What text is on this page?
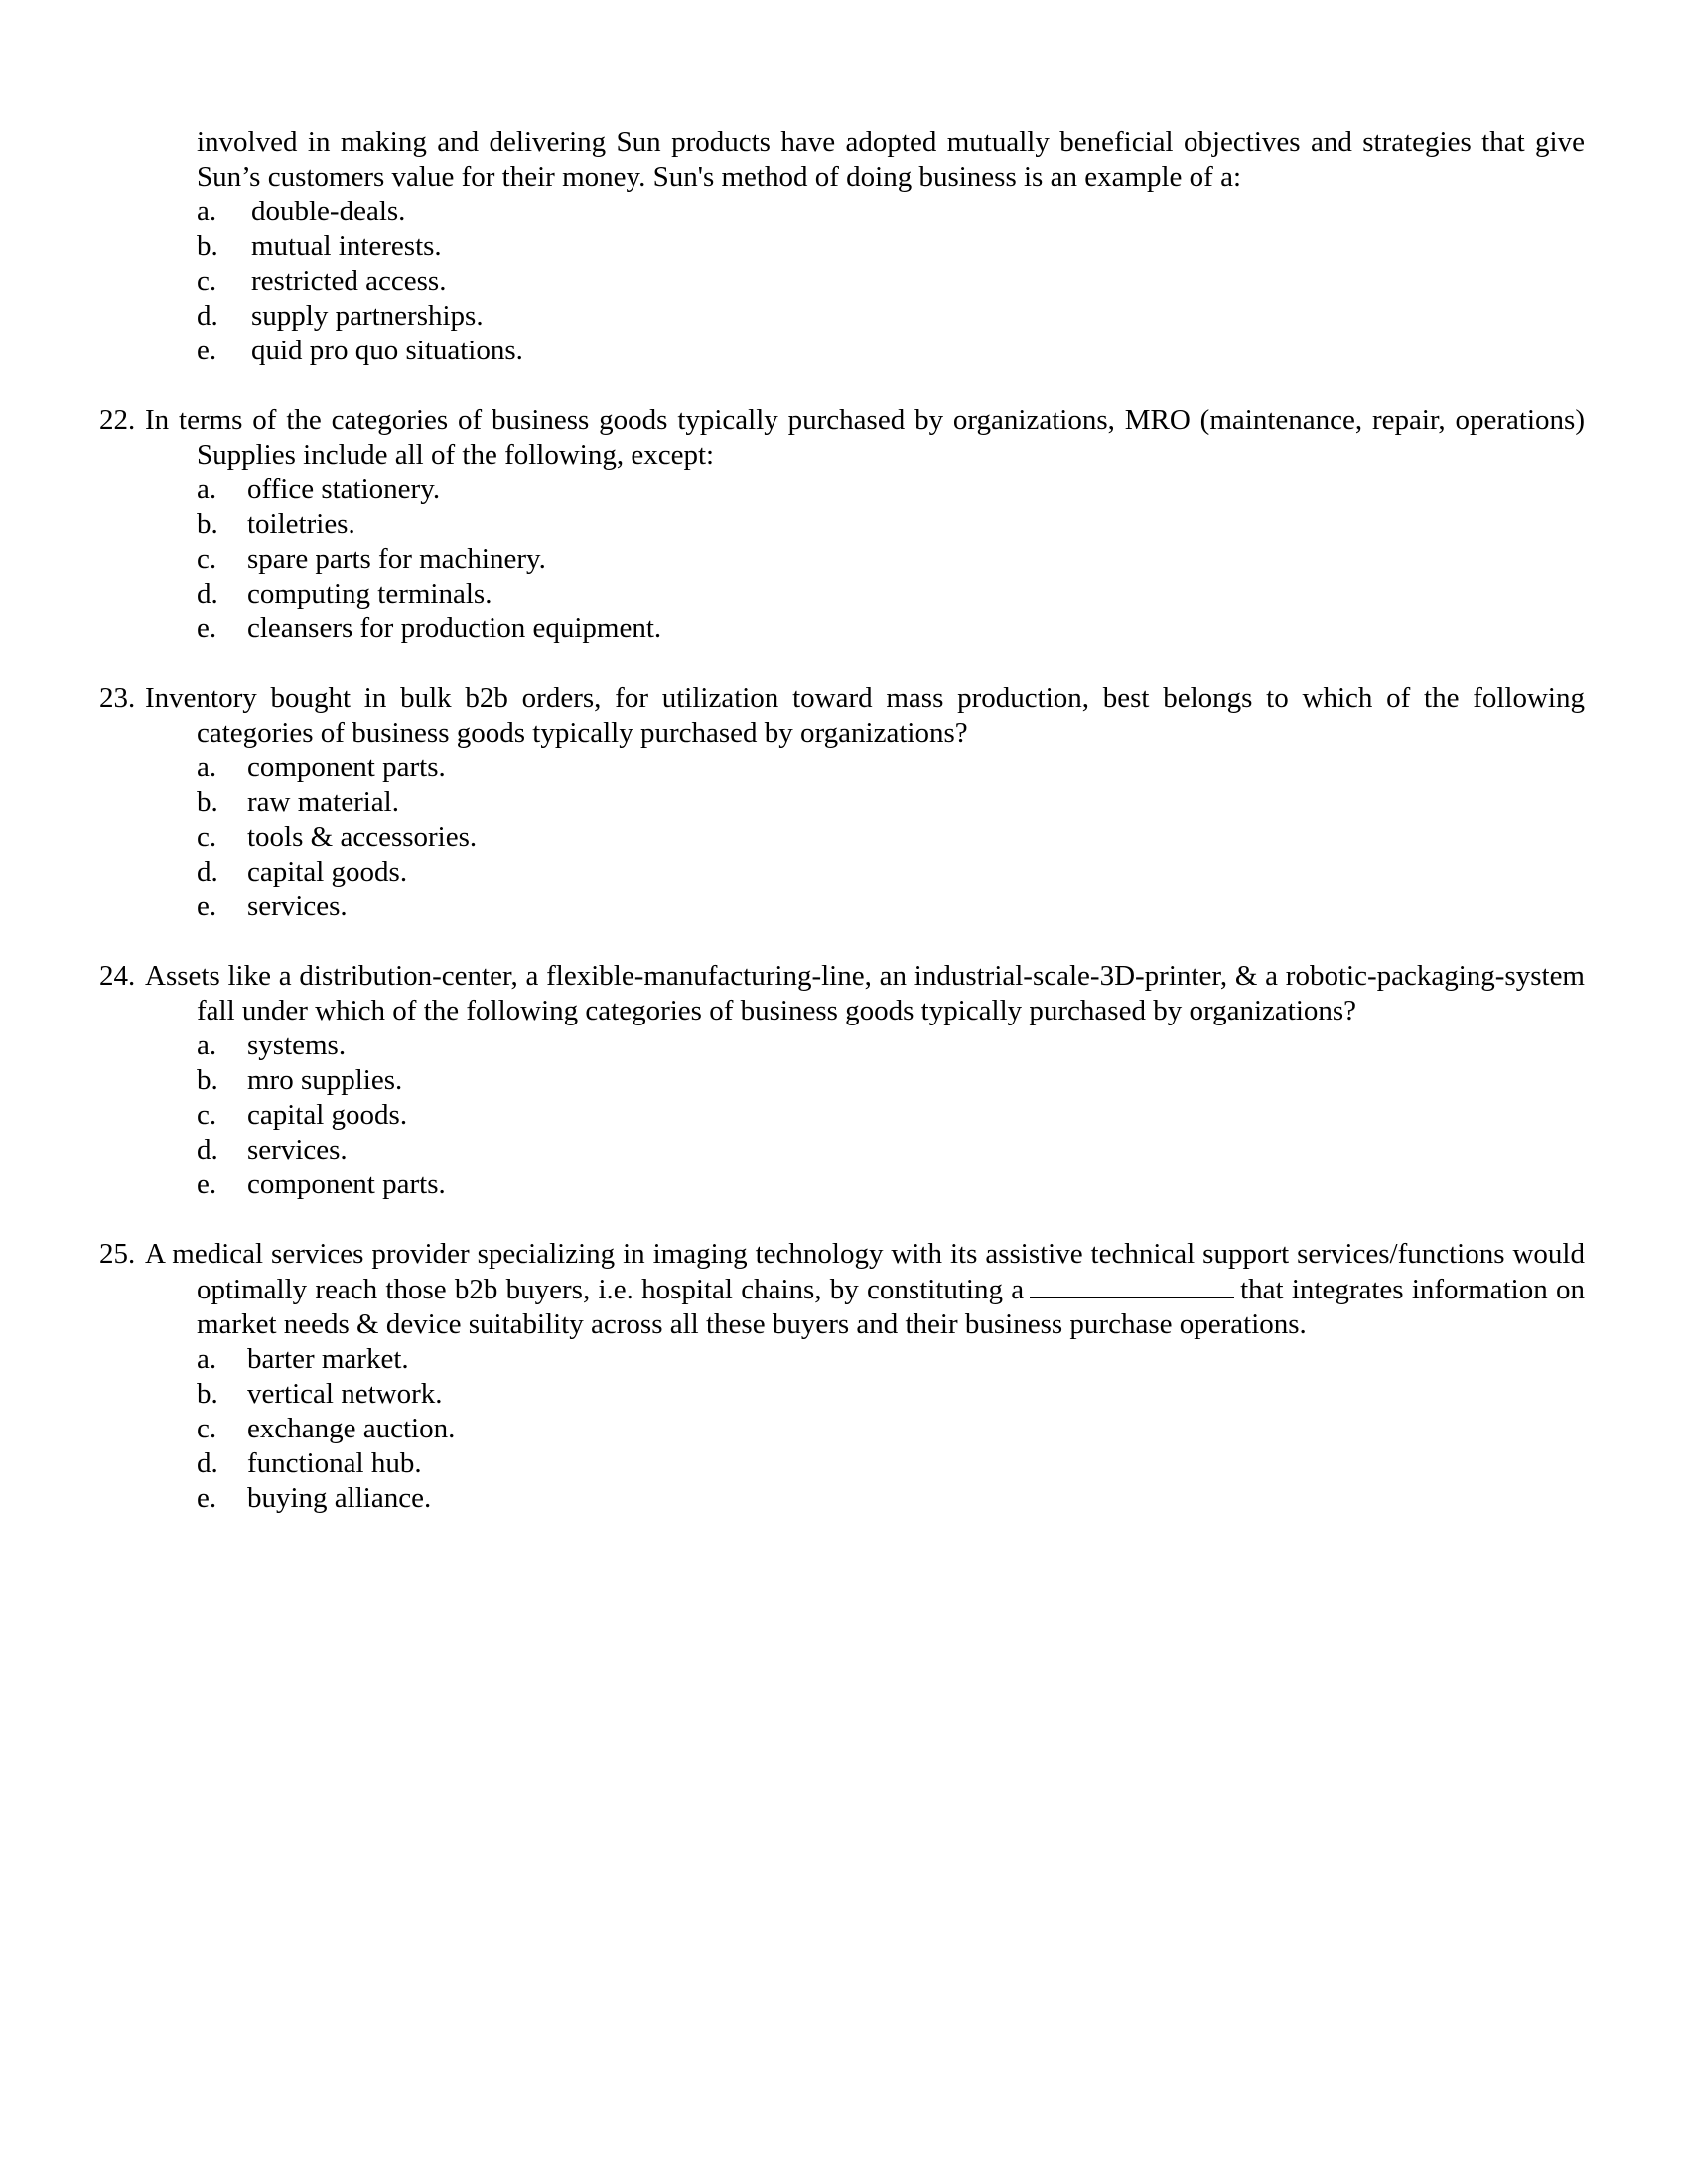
involved in making and delivering Sun products have adopted mutually beneficial objectives and strategies that give Sun’s customers value for their money. Sun's method of doing business is an example of a:
a.	double-deals.
b.	mutual interests.
c.	restricted access.
d.	supply partnerships.
e.	quid pro quo situations.
22. In terms of the categories of business goods typically purchased by organizations, MRO (maintenance, repair, operations) Supplies include all of the following, except:
a.	office stationery.
b.	toiletries.
c.	spare parts for machinery.
d.	computing terminals.
e.	cleansers for production equipment.
23. Inventory bought in bulk b2b orders, for utilization toward mass production, best belongs to which of the following categories of business goods typically purchased by organizations?
a.	component parts.
b.	raw material.
c.	tools & accessories.
d.	capital goods.
e.	services.
24. Assets like a distribution-center, a flexible-manufacturing-line, an industrial-scale-3D-printer, & a robotic-packaging-system fall under which of the following categories of business goods typically purchased by organizations?
a.	systems.
b.	mro supplies.
c.	capital goods.
d.	services.
e.	component parts.
25. A medical services provider specializing in imaging technology with its assistive technical support services/functions would optimally reach those b2b buyers, i.e. hospital chains, by constituting a	that integrates information on market needs & device suitability across all these buyers and their business purchase operations.
a.	barter market.
b.	vertical network.
c.	exchange auction.
d.	functional hub.
e.	buying alliance.
